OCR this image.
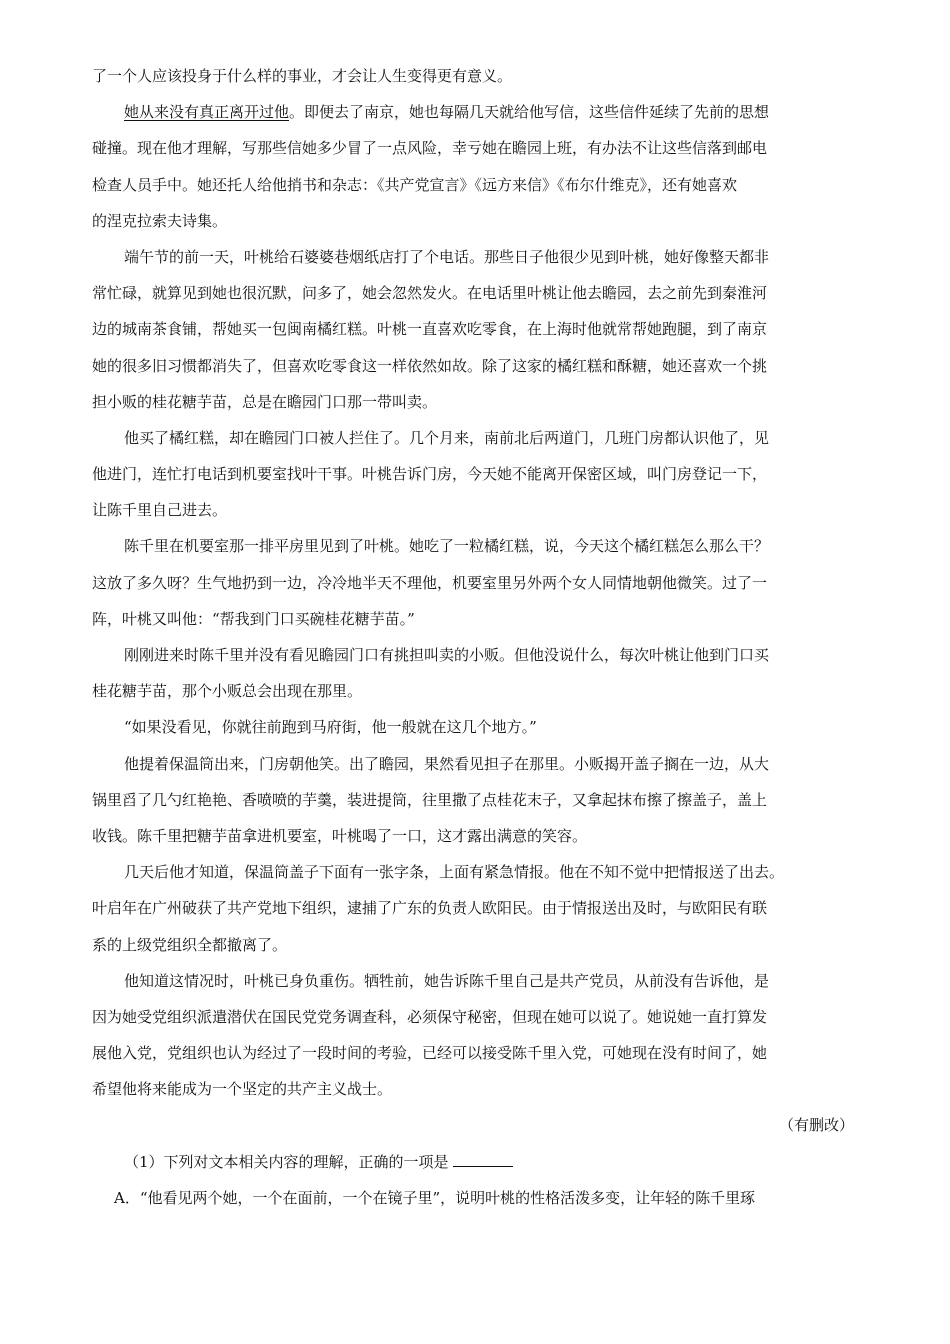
了一个人应该投身于什么样的事业，才会让人生变得更有意义。
她从来没有真正离开过他。即便去了南京，她也每隔几天就给他写信，这些信件延续了先前的思想
碰撞。现在他才理解，写那些信她多少冒了一点风险，幸亏她在瞻园上班，有办法不让这些信落到邮电
检查人员手中。她还托人给他捎书和杂志：《共产党宣言》《远方来信》《布尔什维克》，还有她喜欢
的涅克拉索夫诗集。
端午节的前一天，叶桃给石婆婆巷烟纸店打了个电话。那些日子他很少见到叶桃，她好像整天都非
常忙碌，就算见到她也很沉默，问多了，她会忽然发火。在电话里叶桃让他去瞻园，去之前先到秦淮河
边的城南茶食铺，帮她买一包闽南橘红糕。叶桃一直喜欢吃零食，在上海时他就常帮她跑腿，到了南京
她的很多旧习惯都消失了，但喜欢吃零食这一样依然如故。除了这家的橘红糕和酥糖，她还喜欢一个挑
担小贩的桂花糖芋苗，总是在瞻园门口那一带叫卖。
他买了橘红糕，却在瞻园门口被人拦住了。几个月来，南前北后两道门，几班门房都认识他了，见
他进门，连忙打电话到机要室找叶干事。叶桃告诉门房，今天她不能离开保密区域，叫门房登记一下，
让陈千里自己进去。
陈千里在机要室那一排平房里见到了叶桃。她吃了一粒橘红糕，说，今天这个橘红糕怎么那么干？
这放了多久呀？生气地扔到一边，冷冷地半天不理他，机要室里另外两个女人同情地朝他微笑。过了一
阵，叶桃又叫他：“帮我到门口买碗桂花糖芋苗。”
刚刚进来时陈千里并没有看见瞻园门口有挑担叫卖的小贩。但他没说什么，每次叶桃让他到门口买
桂花糖芋苗，那个小贩总会出现在那里。
“如果没看见，你就往前跑到马府街，他一般就在这几个地方。”
他提着保温筒出来，门房朝他笑。出了瞻园，果然看见担子在那里。小贩揭开盖子搁在一边，从大
锅里舀了几勺红艳艳、香喷喷的芋羹，装进提筒，往里撒了点桂花末子，又拿起抹布擦了擦盖子，盖上
收钱。陈千里把糖芋苗拿进机要室，叶桃喝了一口，这才露出满意的笑容。
几天后他才知道，保温筒盖子下面有一张字条，上面有紧急情报。他在不知不觉中把情报送了出去。
叶启年在广州破获了共产党地下组织，逮捕了广东的负责人欧阳民。由于情报送出及时，与欧阳民有联
系的上级党组织全都撤离了。
他知道这情况时，叶桃已身负重伤。牺牲前，她告诉陈千里自己是共产党员，从前没有告诉他，是
因为她受党组织派遣潜伏在国民党党务调查科，必须保守秘密，但现在她可以说了。她说她一直打算发
展他入党，党组织也认为经过了一段时间的考验，已经可以接受陈千里入党，可她现在没有时间了，她
希望他将来能成为一个坚定的共产主义战士。
（有删改）
（1）下列对文本相关内容的理解，正确的一项是
A．“他看见两个她，一个在面前，一个在镜子里”，说明叶桃的性格活泼多变，让年轻的陈千里琢
